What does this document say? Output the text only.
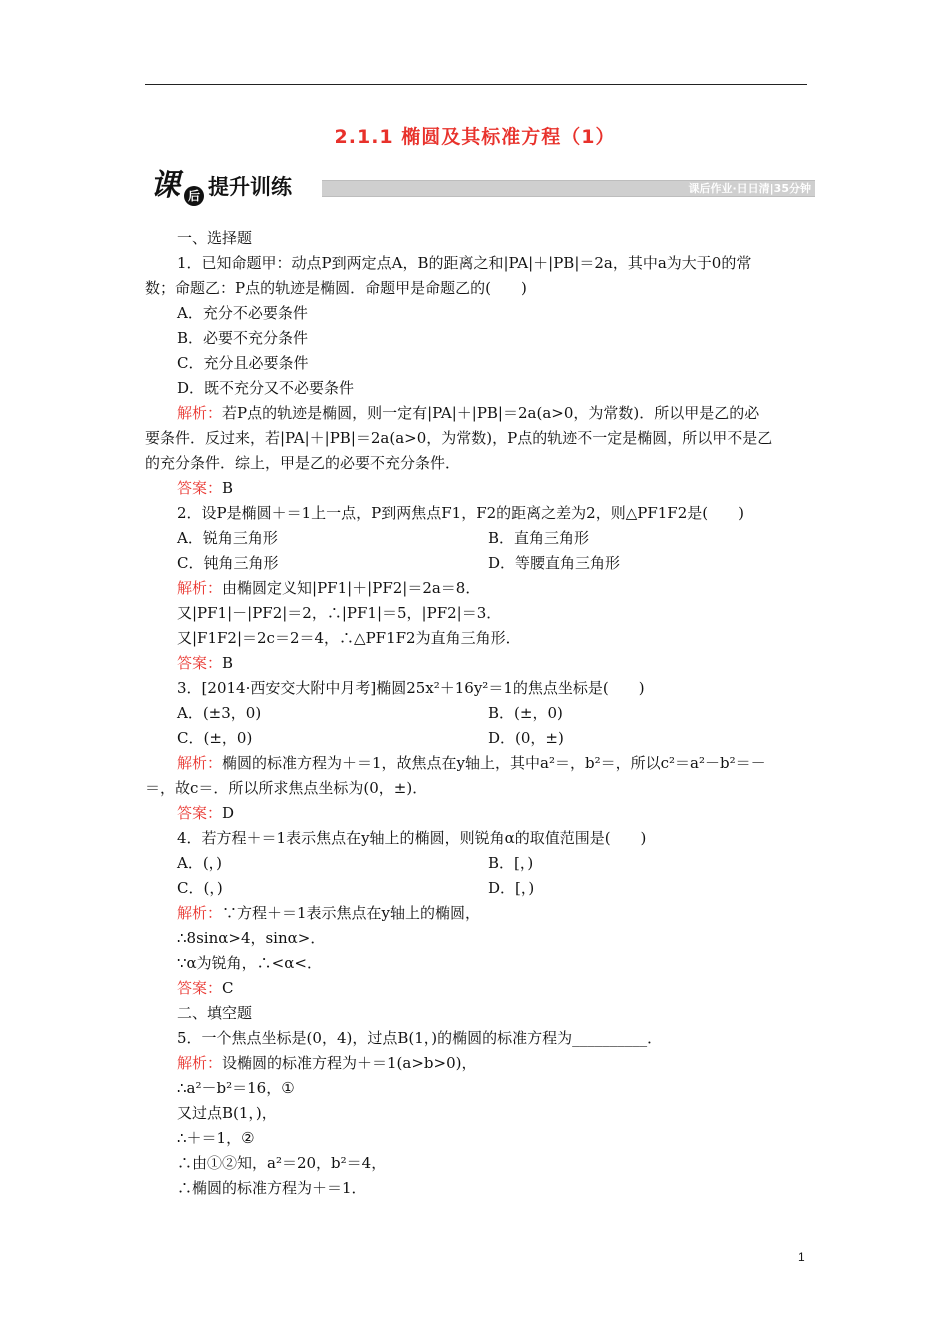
2.1.1 椭圆及其标准方程（1）
课 后 提升训练	课后作业·日日清|35分钟
一、选择题
1．已知命题甲：动点P到两定点A，B的距离之和|PA|＋|PB|＝2a，其中a为大于0的常
数；命题乙：P点的轨迹是椭圆．命题甲是命题乙的(　　)
A．充分不必要条件
B．必要不充分条件
C．充分且必要条件
D．既不充分又不必要条件
解析：若P点的轨迹是椭圆，则一定有|PA|＋|PB|＝2a(a>0，为常数)．所以甲是乙的必
要条件．反过来，若|PA|＋|PB|＝2a(a>0，为常数)，P点的轨迹不一定是椭圆，所以甲不是乙
的充分条件．综上，甲是乙的必要不充分条件．
答案：B
2．设P是椭圆＋＝1上一点，P到两焦点F1，F2的距离之差为2，则△PF1F2是(　　)
A．锐角三角形	B．直角三角形
C．钝角三角形	D．等腰直角三角形
解析：由椭圆定义知|PF1|＋|PF2|＝2a＝8．
又|PF1|－|PF2|＝2，∴|PF1|＝5，|PF2|＝3．
又|F1F2|＝2c＝2＝4，∴△PF1F2为直角三角形．
答案：B
3．[2014·西安交大附中月考]椭圆25x²＋16y²＝1的焦点坐标是(　　)
A．(±3，0)	B．(±，0)
C．(±，0)	D．(0，±)
解析：椭圆的标准方程为＋＝1，故焦点在y轴上，其中a²＝，b²＝，所以c²＝a²－b²＝－
＝，故c＝．所以所求焦点坐标为(0，±)．
答案：D
4．若方程＋＝1表示焦点在y轴上的椭圆，则锐角α的取值范围是(　　)
A．(，)	B．[，)
C．(，)	D．[，)
解析：∵方程＋＝1表示焦点在y轴上的椭圆，
∴8sinα>4，sinα>．
∵α为锐角，∴<α<．
答案：C
二、填空题
5．一个焦点坐标是(0，4)，过点B(1，)的椭圆的标准方程为__________．
解析：设椭圆的标准方程为＋＝1(a>b>0)，
∴a²－b²＝16，①
又过点B(1，)，
∴＋＝1，②
∴由①②知，a²＝20，b²＝4，
∴椭圆的标准方程为＋＝1．
1
